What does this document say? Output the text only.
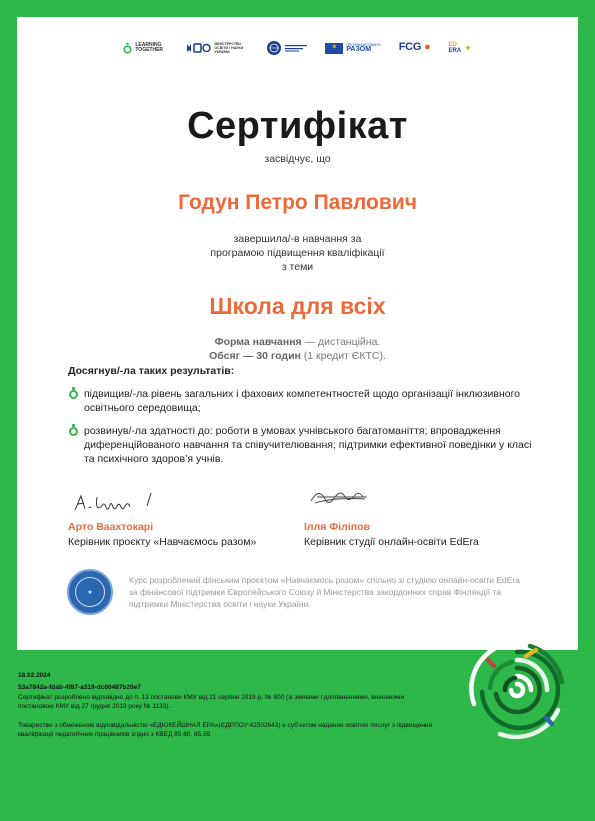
LEARNING TOGETHER
МІНІСТЕРСТВО ОСВІТИ І НАУКИ УКРАЇНИ
✶	ПРОФІНАНСОВАНО
РАЗОМ	FCG ●	ED
ERA ✦
Сертифікат
засвідчує, що
Годун Петро Павлович
завершила/-в навчання за
програмою підвищення кваліфікації
з теми
Школа для всіх
Форма навчання — дистанційна.
Обсяг — 30 годин (1 кредит ЄКТС).
Досягнув/-ла таких результатів:
підвищив/-ла рівень загальних і фахових компетентностей щодо організації інклюзивного освітнього середовища;
розвинув/-ла здатності до: роботи в умовах учнівського багатоманіття; впровадження диференційованого навчання та співучителювання; підтримки ефективної поведінки у класі та психічного здоров’я учнів.
Арто Ваахтокарі
Керівник проєкту «Навчаємось разом»
Ілля Філіпов
Керівник студії онлайн-освіти EdEra
★
Курс розроблений фінським проєктом «Навчаємось разом» спільно зі студією онлайн-освіти EdEra за фінансової підтримки Європейського Союзу й Міністерства закордонних справ Фінляндії та підтримки Міністерства освіти і науки України.
18.02.2024
53a7842a-fdab-4f87-a319-dc60487b20e7
Сертифікат розроблено відповідно до п. 13 постанови КМУ від 21 серпня 2019 р. № 800 (зі змінами і доповненнями, внесеними постановою КМУ від 27 грудня 2019 року № 1133).
Товариство з обмеженою відповідальністю «ЕДЮКЕЙШНАЛ ЕРА»(ЄДРПОУ:42502643) є суб’єктом надання освітніх послуг з підвищення кваліфікації педагогічних працівників згідно з КВЕД 85.60, 85.59
